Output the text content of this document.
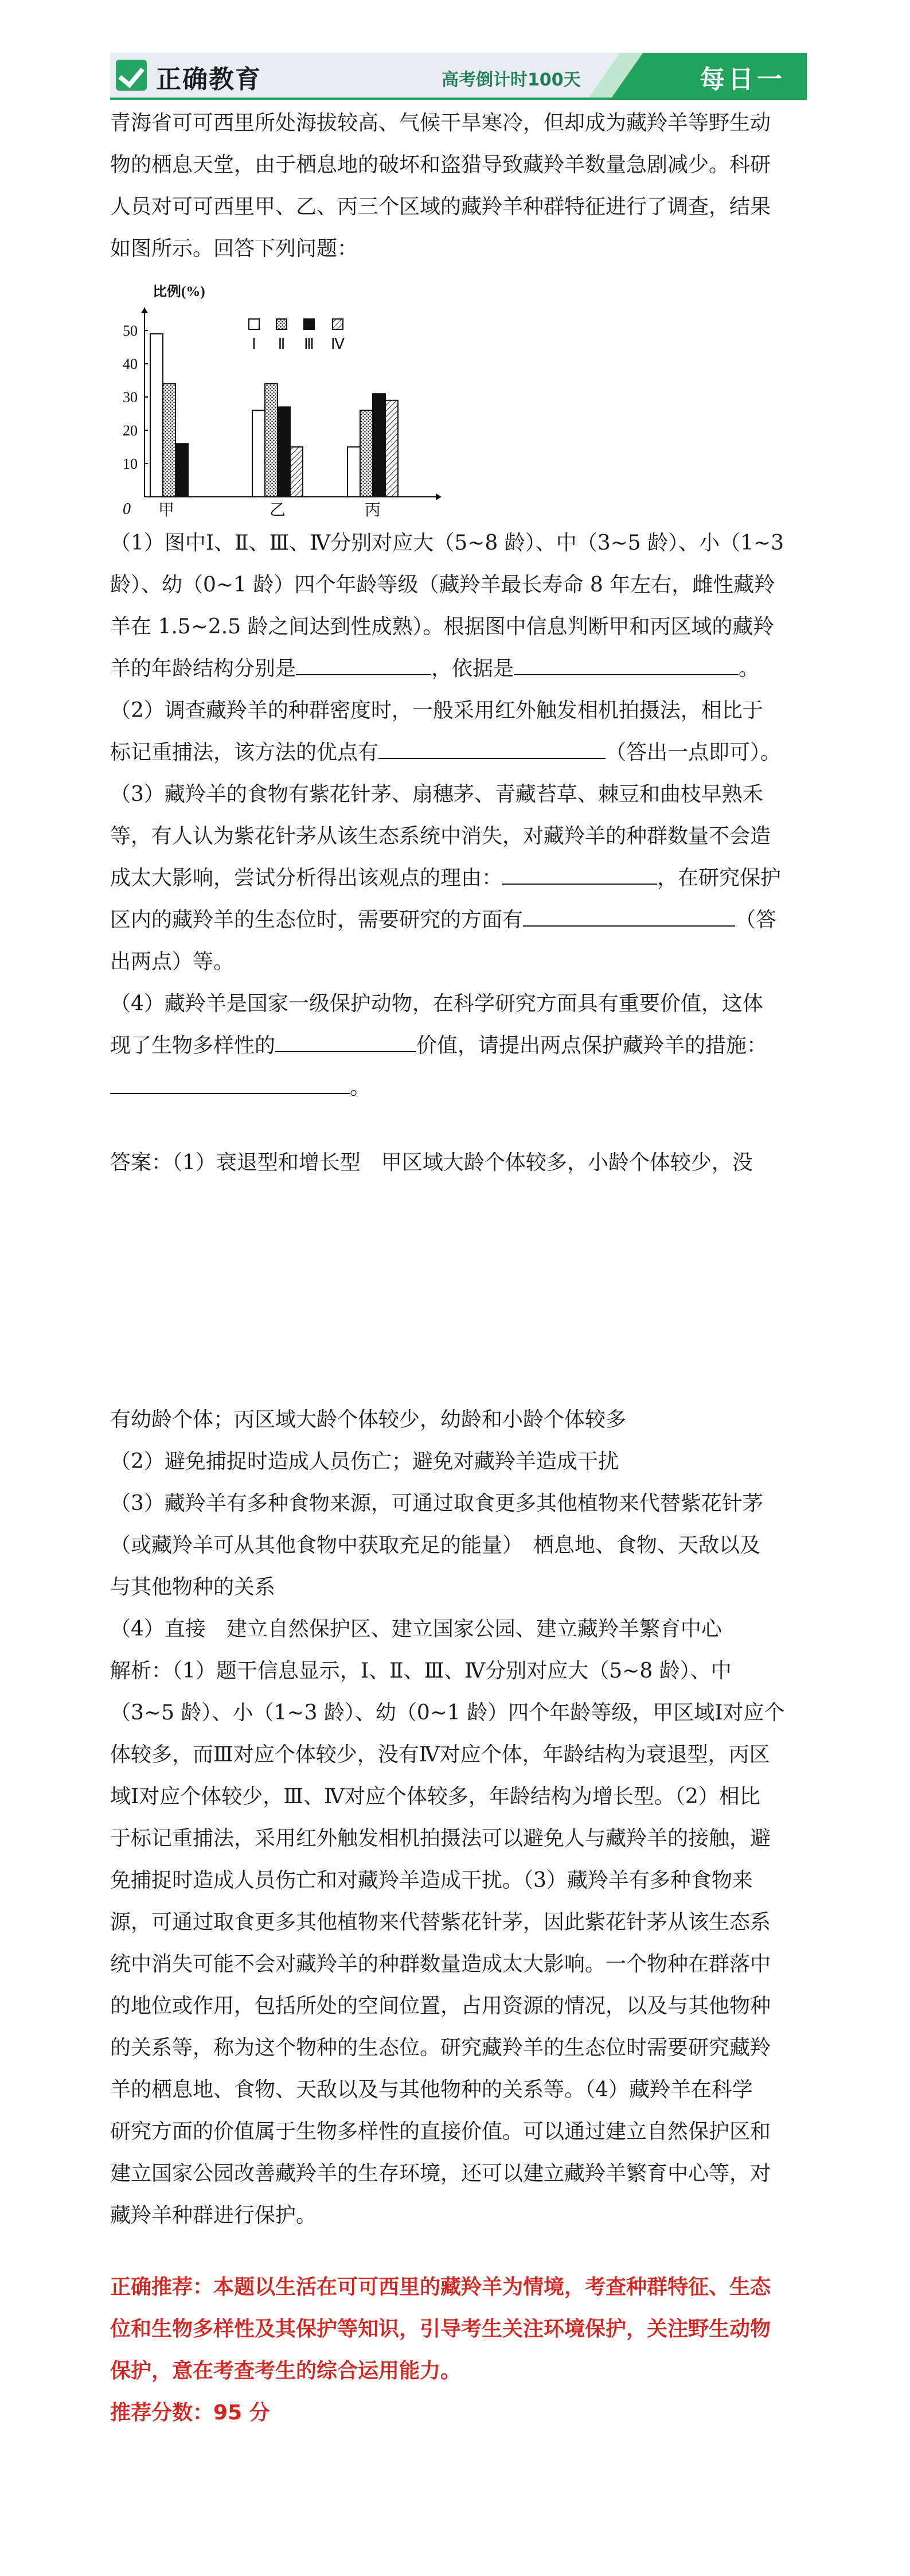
正确教育	高考倒计时100天	每日一

青海省可可西里所处海拔较高、气候干旱寒冷，但却成为藏羚羊等野生动

物的栖息天堂，由于栖息地的破坏和盗猎导致藏羚羊数量急剧减少。科研

人员对可可西里甲、乙、丙三个区域的藏羚羊种群特征进行了调查，结果

如图所示。回答下列问题：

比例(%)
0
10
20
30
40
50
甲	乙	丙
Ⅰ Ⅱ Ⅲ Ⅳ

（1）图中Ⅰ、Ⅱ、Ⅲ、Ⅳ分别对应大（5~8 龄）、中（3~5 龄）、小（1~3

龄）、幼（0~1 龄）四个年龄等级（藏羚羊最长寿命 8 年左右，雌性藏羚

羊在 1.5~2.5 龄之间达到性成熟）。根据图中信息判断甲和丙区域的藏羚

羊的年龄结构分别是	，依据是	。

（2）调查藏羚羊的种群密度时，一般采用红外触发相机拍摄法，相比于

标记重捕法，该方法的优点有	（答出一点即可）。

（3）藏羚羊的食物有紫花针茅、扇穗茅、青藏苔草、棘豆和曲枝早熟禾

等，有人认为紫花针茅从该生态系统中消失，对藏羚羊的种群数量不会造

成太大影响，尝试分析得出该观点的理由：	，在研究保护

区内的藏羚羊的生态位时，需要研究的方面有	（答

出两点）等。

（4）藏羚羊是国家一级保护动物，在科学研究方面具有重要价值，这体

现了生物多样性的	价值，请提出两点保护藏羚羊的措施：

。

答案：（1）衰退型和增长型　甲区域大龄个体较多，小龄个体较少，没

有幼龄个体；丙区域大龄个体较少，幼龄和小龄个体较多

（2）避免捕捉时造成人员伤亡；避免对藏羚羊造成干扰

（3）藏羚羊有多种食物来源，可通过取食更多其他植物来代替紫花针茅

（或藏羚羊可从其他食物中获取充足的能量）　栖息地、食物、天敌以及

与其他物种的关系

（4）直接　建立自然保护区、建立国家公园、建立藏羚羊繁育中心

解析：（1）题干信息显示，Ⅰ、Ⅱ、Ⅲ、Ⅳ分别对应大（5~8 龄）、中

（3~5 龄）、小（1~3 龄）、幼（0~1 龄）四个年龄等级，甲区域Ⅰ对应个

体较多，而Ⅲ对应个体较少，没有Ⅳ对应个体，年龄结构为衰退型，丙区

域Ⅰ对应个体较少，Ⅲ、Ⅳ对应个体较多，年龄结构为增长型。（2）相比

于标记重捕法，采用红外触发相机拍摄法可以避免人与藏羚羊的接触，避

免捕捉时造成人员伤亡和对藏羚羊造成干扰。（3）藏羚羊有多种食物来

源，可通过取食更多其他植物来代替紫花针茅，因此紫花针茅从该生态系

统中消失可能不会对藏羚羊的种群数量造成太大影响。一个物种在群落中

的地位或作用，包括所处的空间位置，占用资源的情况，以及与其他物种

的关系等，称为这个物种的生态位。研究藏羚羊的生态位时需要研究藏羚

羊的栖息地、食物、天敌以及与其他物种的关系等。（4）藏羚羊在科学

研究方面的价值属于生物多样性的直接价值。可以通过建立自然保护区和

建立国家公园改善藏羚羊的生存环境，还可以建立藏羚羊繁育中心等，对

藏羚羊种群进行保护。

正确推荐：本题以生活在可可西里的藏羚羊为情境，考查种群特征、生态

位和生物多样性及其保护等知识，引导考生关注环境保护，关注野生动物

保护，意在考查考生的综合运用能力。

推荐分数：95 分
